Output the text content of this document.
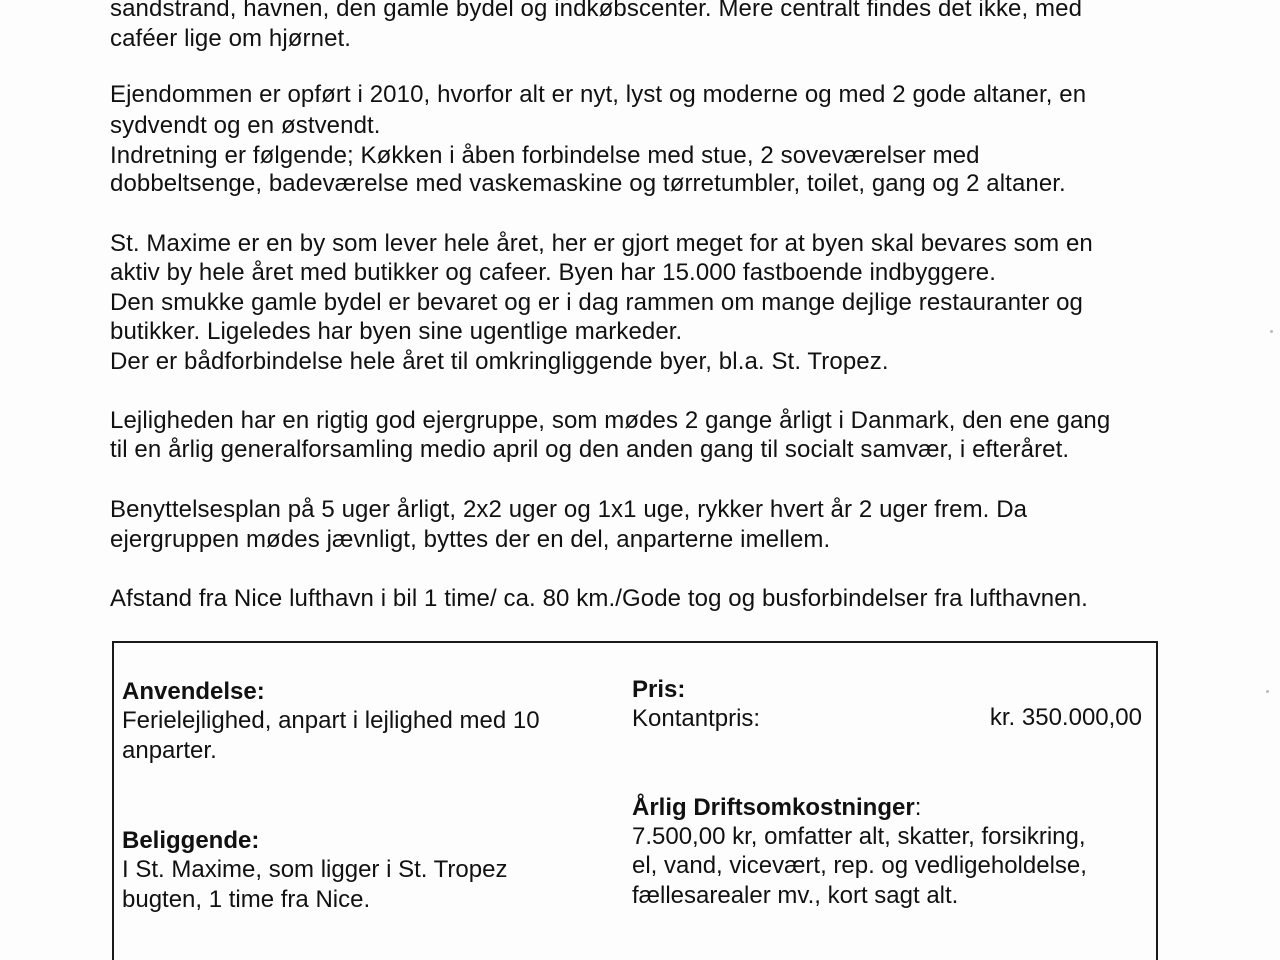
sandstrand, havnen, den gamle bydel og indkøbscenter. Mere centralt findes det ikke, med
caféer lige om hjørnet.
Ejendommen er opført i 2010, hvorfor alt er nyt, lyst og moderne og med 2 gode altaner, en
sydvendt og en østvendt.
Indretning er følgende; Køkken i åben forbindelse med stue, 2 soveværelser med
dobbeltsenge, badeværelse med vaskemaskine og tørretumbler, toilet, gang og 2 altaner.
St. Maxime er en by som lever hele året, her er gjort meget for at byen skal bevares som en
aktiv by hele året med butikker og cafeer. Byen har 15.000 fastboende indbyggere.
Den smukke gamle bydel er bevaret og er i dag rammen om mange dejlige restauranter og
butikker. Ligeledes har byen sine ugentlige markeder.
Der er bådforbindelse hele året til omkringliggende byer, bl.a. St. Tropez.
Lejligheden har en rigtig god ejergruppe, som mødes 2 gange årligt i Danmark, den ene gang
til en årlig generalforsamling medio april og den anden gang til socialt samvær, i efteråret.
Benyttelsesplan på 5 uger årligt, 2x2 uger og 1x1 uge, rykker hvert år 2 uger frem. Da
ejergruppen mødes jævnligt, byttes der en del, anparterne imellem.
Afstand fra Nice lufthavn i bil 1 time/ ca. 80 km./Gode tog og busforbindelser fra lufthavnen.
Anvendelse:
Ferielejlighed, anpart i lejlighed med 10
anparter.
Beliggende:
I St. Maxime, som ligger i St. Tropez
bugten, 1 time fra Nice.
Pris:
Kontantpris:	kr. 350.000,00
Årlig Driftsomkostninger:
7.500,00 kr, omfatter alt, skatter, forsikring,
el, vand, vicevært, rep. og vedligeholdelse,
fællesarealer mv., kort sagt alt.
